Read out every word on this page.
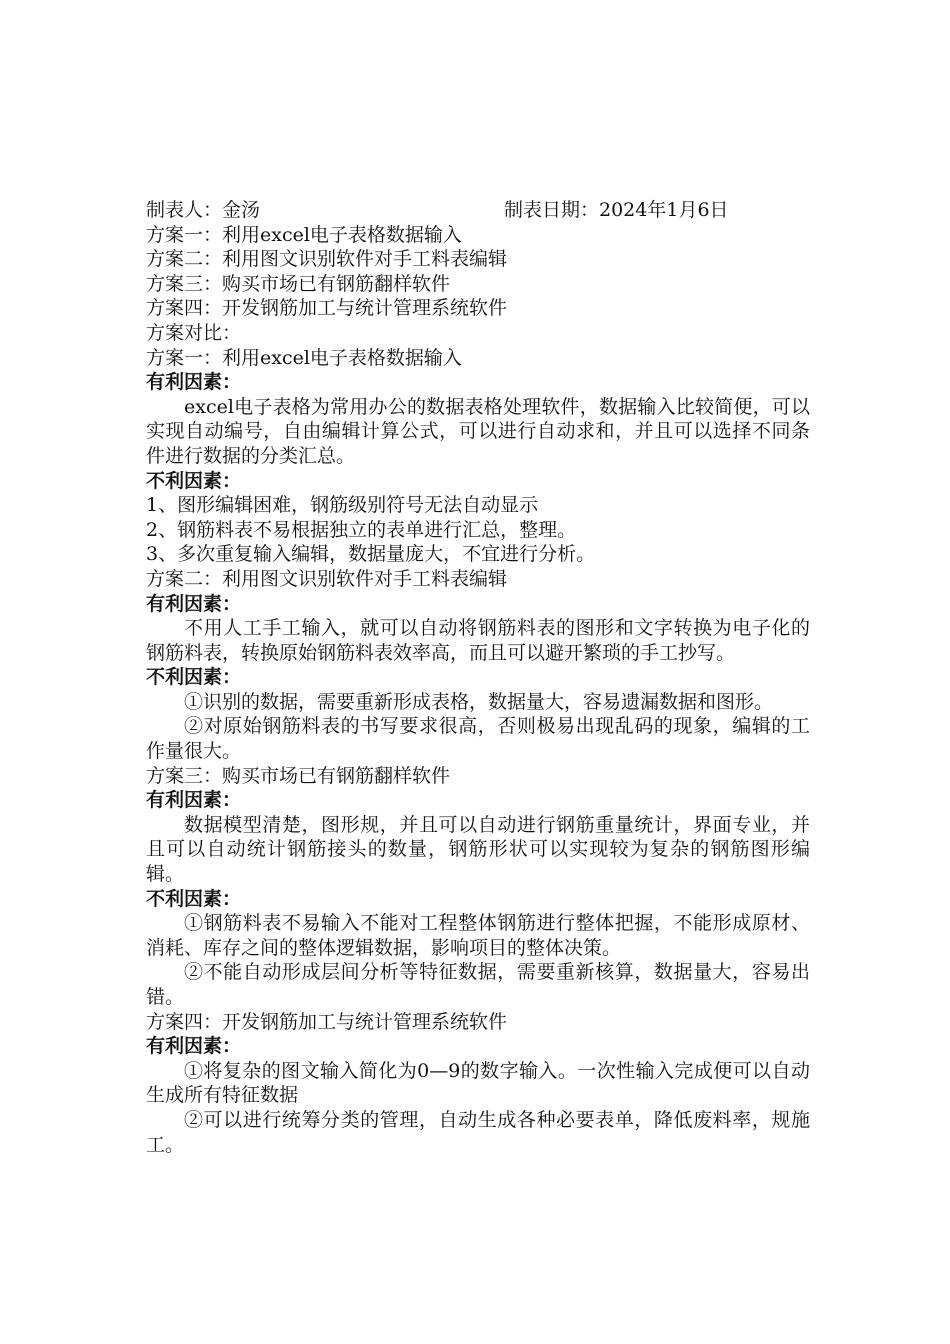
制表人：金汤	制表日期：2024年1月6日

方案一：利用excel电子表格数据输入

方案二：利用图文识别软件对手工料表编辑

方案三：购买市场已有钢筋翻样软件

方案四：开发钢筋加工与统计管理系统软件

方案对比：

方案一：利用excel电子表格数据输入

有利因素：

excel电子表格为常用办公的数据表格处理软件，数据输入比较简便，可以实现自动编号，自由编辑计算公式，可以进行自动求和，并且可以选择不同条件进行数据的分类汇总。

不利因素：

1、图形编辑困难，钢筋级别符号无法自动显示

2、钢筋料表不易根据独立的表单进行汇总，整理。

3、多次重复输入编辑，数据量庞大，不宜进行分析。

方案二：利用图文识别软件对手工料表编辑

有利因素：

不用人工手工输入，就可以自动将钢筋料表的图形和文字转换为电子化的钢筋料表，转换原始钢筋料表效率高，而且可以避开繁琐的手工抄写。

不利因素：

①识别的数据，需要重新形成表格，数据量大，容易遗漏数据和图形。

②对原始钢筋料表的书写要求很高，否则极易出现乱码的现象，编辑的工作量很大。

方案三：购买市场已有钢筋翻样软件

有利因素：

数据模型清楚，图形规，并且可以自动进行钢筋重量统计，界面专业，并且可以自动统计钢筋接头的数量，钢筋形状可以实现较为复杂的钢筋图形编辑。

不利因素：

①钢筋料表不易输入不能对工程整体钢筋进行整体把握，不能形成原材、消耗、库存之间的整体逻辑数据，影响项目的整体决策。

②不能自动形成层间分析等特征数据，需要重新核算，数据量大，容易出错。

方案四：开发钢筋加工与统计管理系统软件

有利因素：

①将复杂的图文输入简化为0—9的数字输入。一次性输入完成便可以自动生成所有特征数据

②可以进行统筹分类的管理，自动生成各种必要表单，降低废料率，规施工。
